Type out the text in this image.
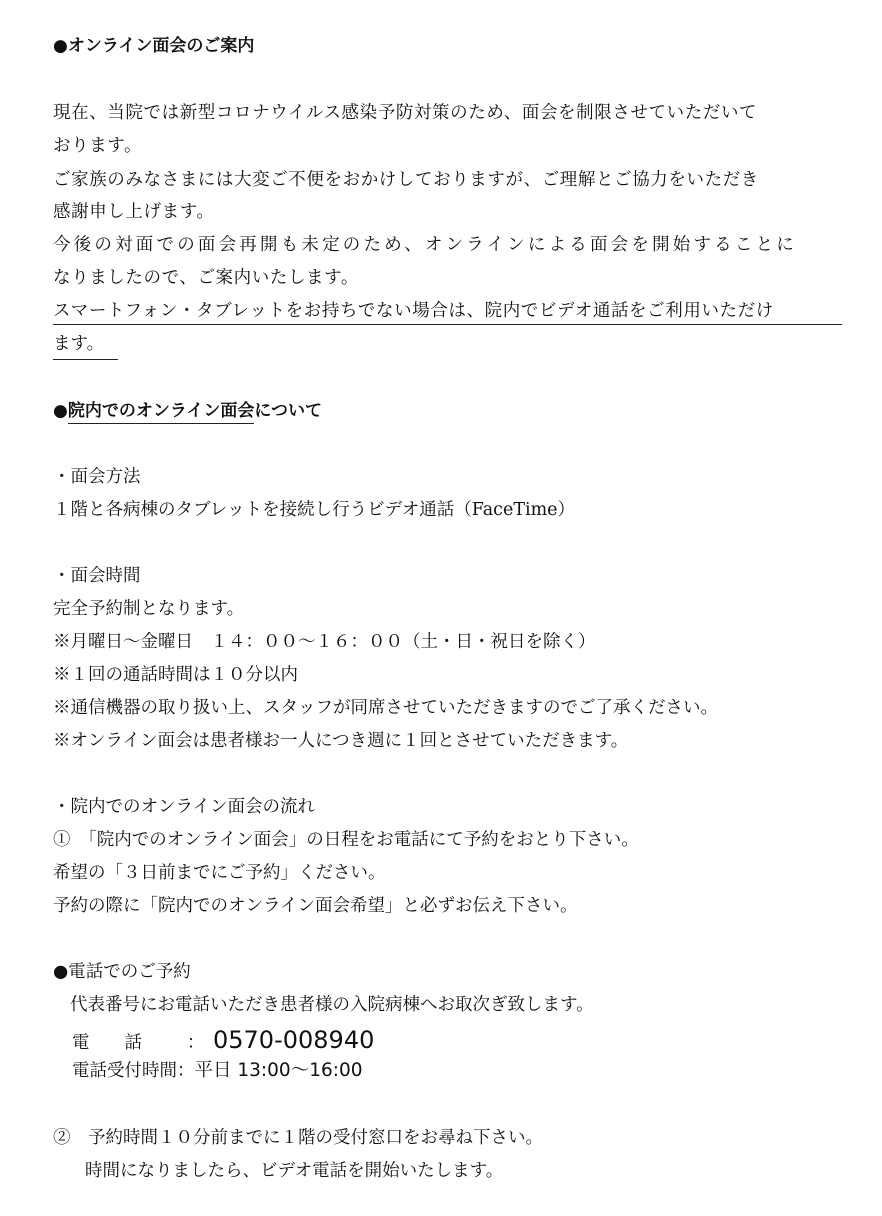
●オンライン面会のご案内
現在、当院では新型コロナウイルス感染予防対策のため、面会を制限させていただいて
おります。
ご家族のみなさまには大変ご不便をおかけしておりますが、ご理解とご協力をいただき
感謝申し上げます。
今後の対面での面会再開も未定のため、オンラインによる面会を開始することに
なりましたので、ご案内いたします。
スマートフォン・タブレットをお持ちでない場合は、院内でビデオ通話をご利用いただけ
ます。
●院内でのオンライン面会について
・面会方法
１階と各病棟のタブレットを接続し行うビデオ通話（FaceTime）
・面会時間
完全予約制となります。
※月曜日～金曜日　１４：００～１６：００（土・日・祝日を除く）
※１回の通話時間は１０分以内
※通信機器の取り扱い上、スタッフが同席させていただきますのでご了承ください。
※オンライン面会は患者様お一人につき週に１回とさせていただきます。
・院内でのオンライン面会の流れ
①　「院内でのオンライン面会」の日程をお電話にて予約をおとり下さい。
希望の「３日前までにご予約」ください。
予約の際に「院内でのオンライン面会希望」と必ずお伝え下さい。
●電話でのご予約
代表番号にお電話いただき患者様の入院病棟へお取次ぎ致します。
電　　話	： 0570-008940
電話受付時間：平日 13:00～16:00
②　予約時間１０分前までに１階の受付窓口をお尋ね下さい。
時間になりましたら、ビデオ電話を開始いたします。
